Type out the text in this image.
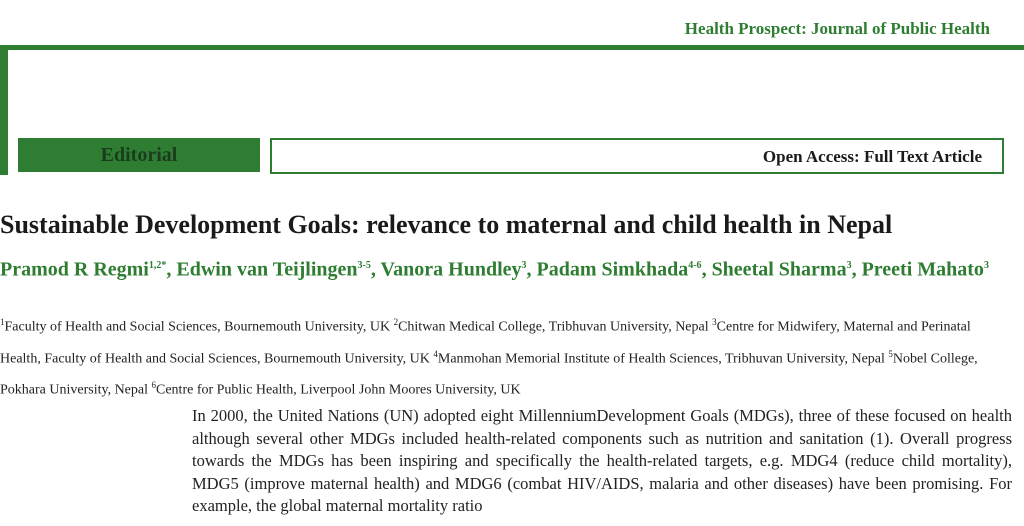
Health Prospect: Journal of Public Health
Editorial	Open Access: Full Text Article
Sustainable Development Goals: relevance to maternal and child health in Nepal
Pramod R Regmi$^{1,2*}$, Edwin van Teijlingen$^{3-5}$, Vanora Hundley$^3$, Padam Simkhada$^{4-6}$, Sheetal Sharma$^3$, Preeti Mahato$^3$
$^1$Faculty of Health and Social Sciences, Bournemouth University, UK $^2$Chitwan Medical College, Tribhuvan University, Nepal $^3$Centre for Midwifery, Maternal and Perinatal Health, Faculty of Health and Social Sciences, Bournemouth University, UK $^4$Manmohan Memorial Institute of Health Sciences, Tribhuvan University, Nepal $^5$Nobel College, Pokhara University, Nepal $^6$Centre for Public Health, Liverpool John Moores University, UK
In 2000, the United Nations (UN) adopted eight MillenniumDevelopment Goals (MDGs), three of these focused on health although several other MDGs included health-related components such as nutrition and sanitation (1). Overall progress towards the MDGs has been inspiring and specifically the health-related targets, e.g. MDG4 (reduce child mortality), MDG5 (improve maternal health) and MDG6 (combat HIV/AIDS, malaria and other diseases) have been promising. For example, the global maternal mortality ratio
